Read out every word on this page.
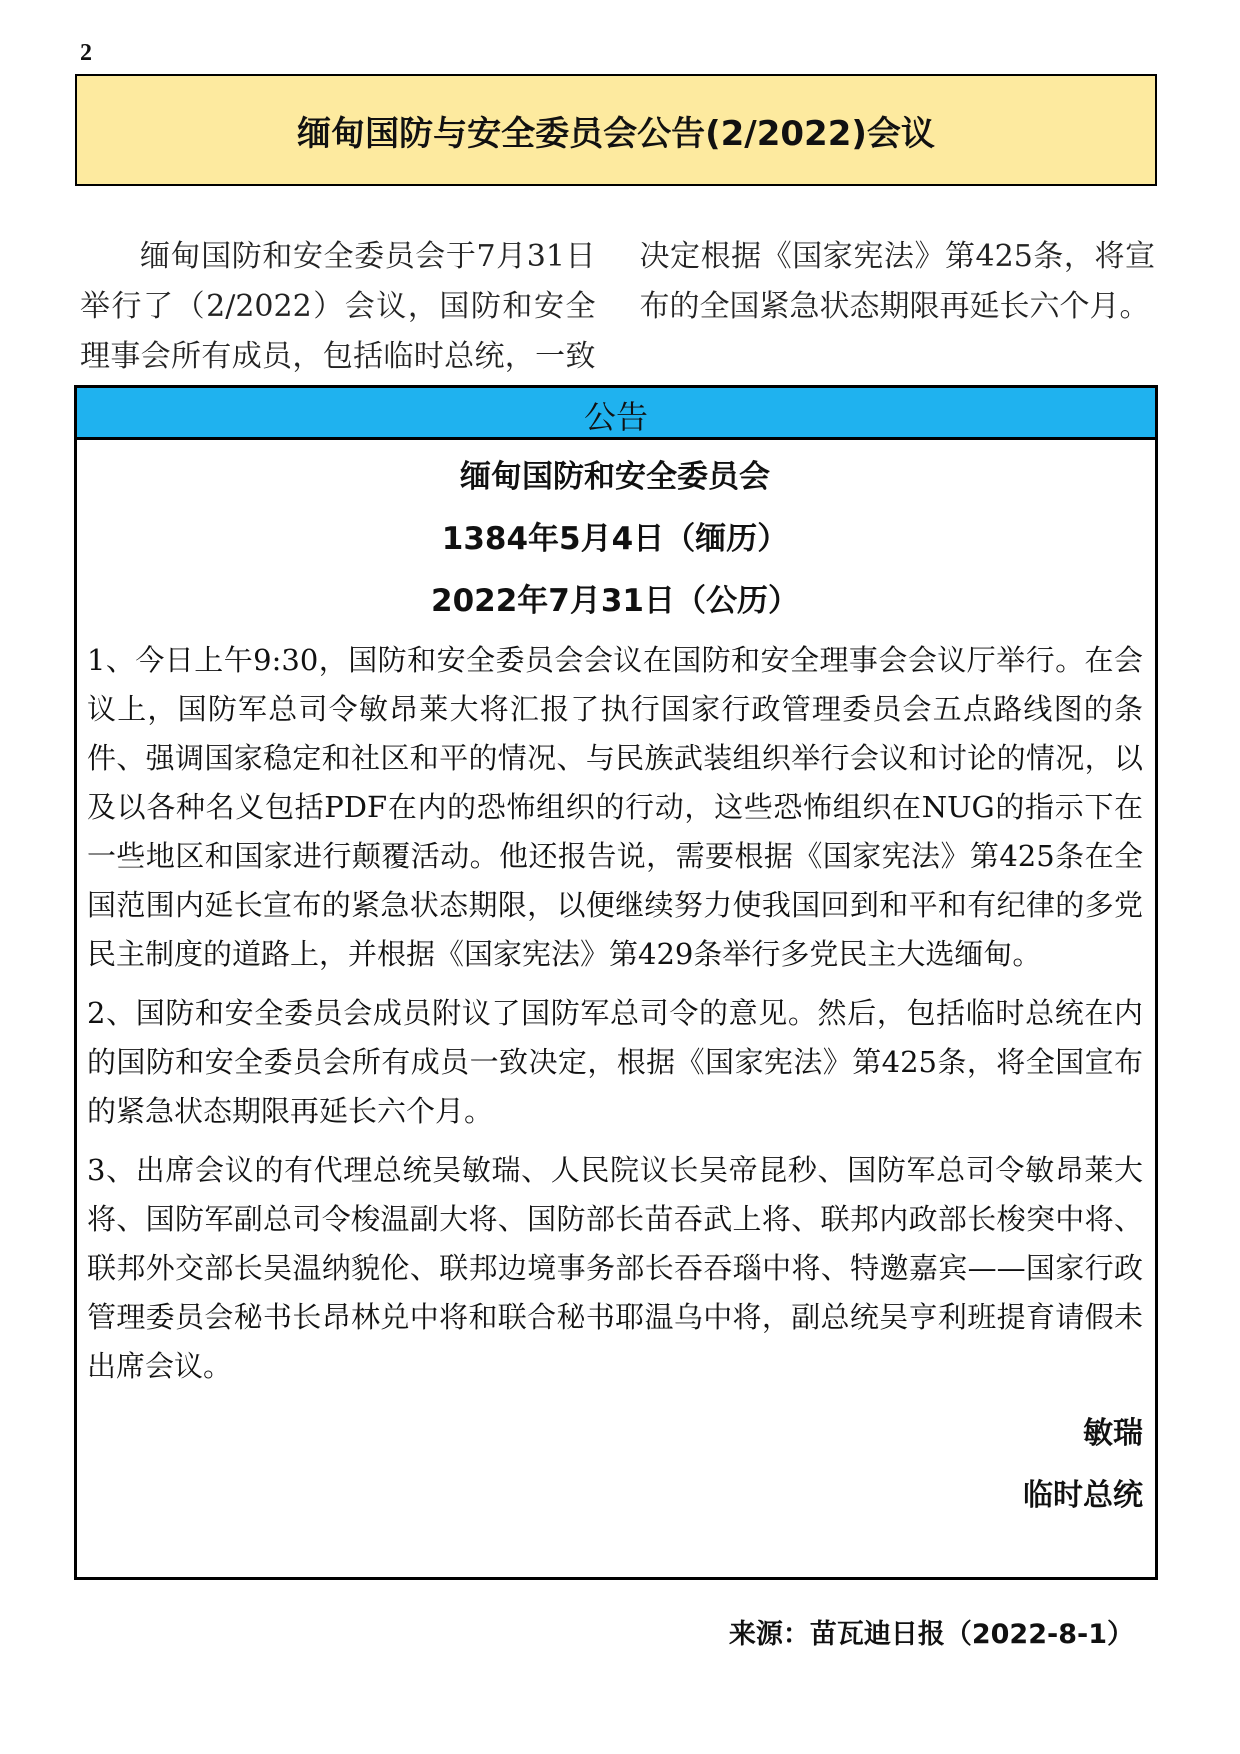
2
缅甸国防与安全委员会公告(2/2022)会议

缅甸国防和安全委员会于7月31日举行了（2/2022）会议，国防和安全理事会所有成员，包括临时总统，一致决定根据《国家宪法》第425条，将宣布的全国紧急状态期限再延长六个月。

公告
缅甸国防和安全委员会
1384年5月4日（缅历）
2022年7月31日（公历）

1、今日上午9:30，国防和安全委员会会议在国防和安全理事会会议厅举行。在会议上，国防军总司令敏昂莱大将汇报了执行国家行政管理委员会五点路线图的条件、强调国家稳定和社区和平的情况、与民族武装组织举行会议和讨论的情况，以及以各种名义包括PDF在内的恐怖组织的行动，这些恐怖组织在NUG的指示下在一些地区和国家进行颠覆活动。他还报告说，需要根据《国家宪法》第425条在全国范围内延长宣布的紧急状态期限，以便继续努力使我国回到和平和有纪律的多党民主制度的道路上，并根据《国家宪法》第429条举行多党民主大选缅甸。

2、国防和安全委员会成员附议了国防军总司令的意见。然后，包括临时总统在内的国防和安全委员会所有成员一致决定，根据《国家宪法》第425条，将全国宣布的紧急状态期限再延长六个月。

3、出席会议的有代理总统吴敏瑞、人民院议长吴帝昆秒、国防军总司令敏昂莱大将、国防军副总司令梭温副大将、国防部长苗吞武上将、联邦内政部长梭突中将、联邦外交部长吴温纳貌伦、联邦边境事务部长吞吞瑙中将、特邀嘉宾——国家行政管理委员会秘书长昂林兑中将和联合秘书耶温乌中将，副总统吴亨利班提育请假未出席会议。

敏瑞
临时总统
来源：苗瓦迪日报（2022-8-1）
